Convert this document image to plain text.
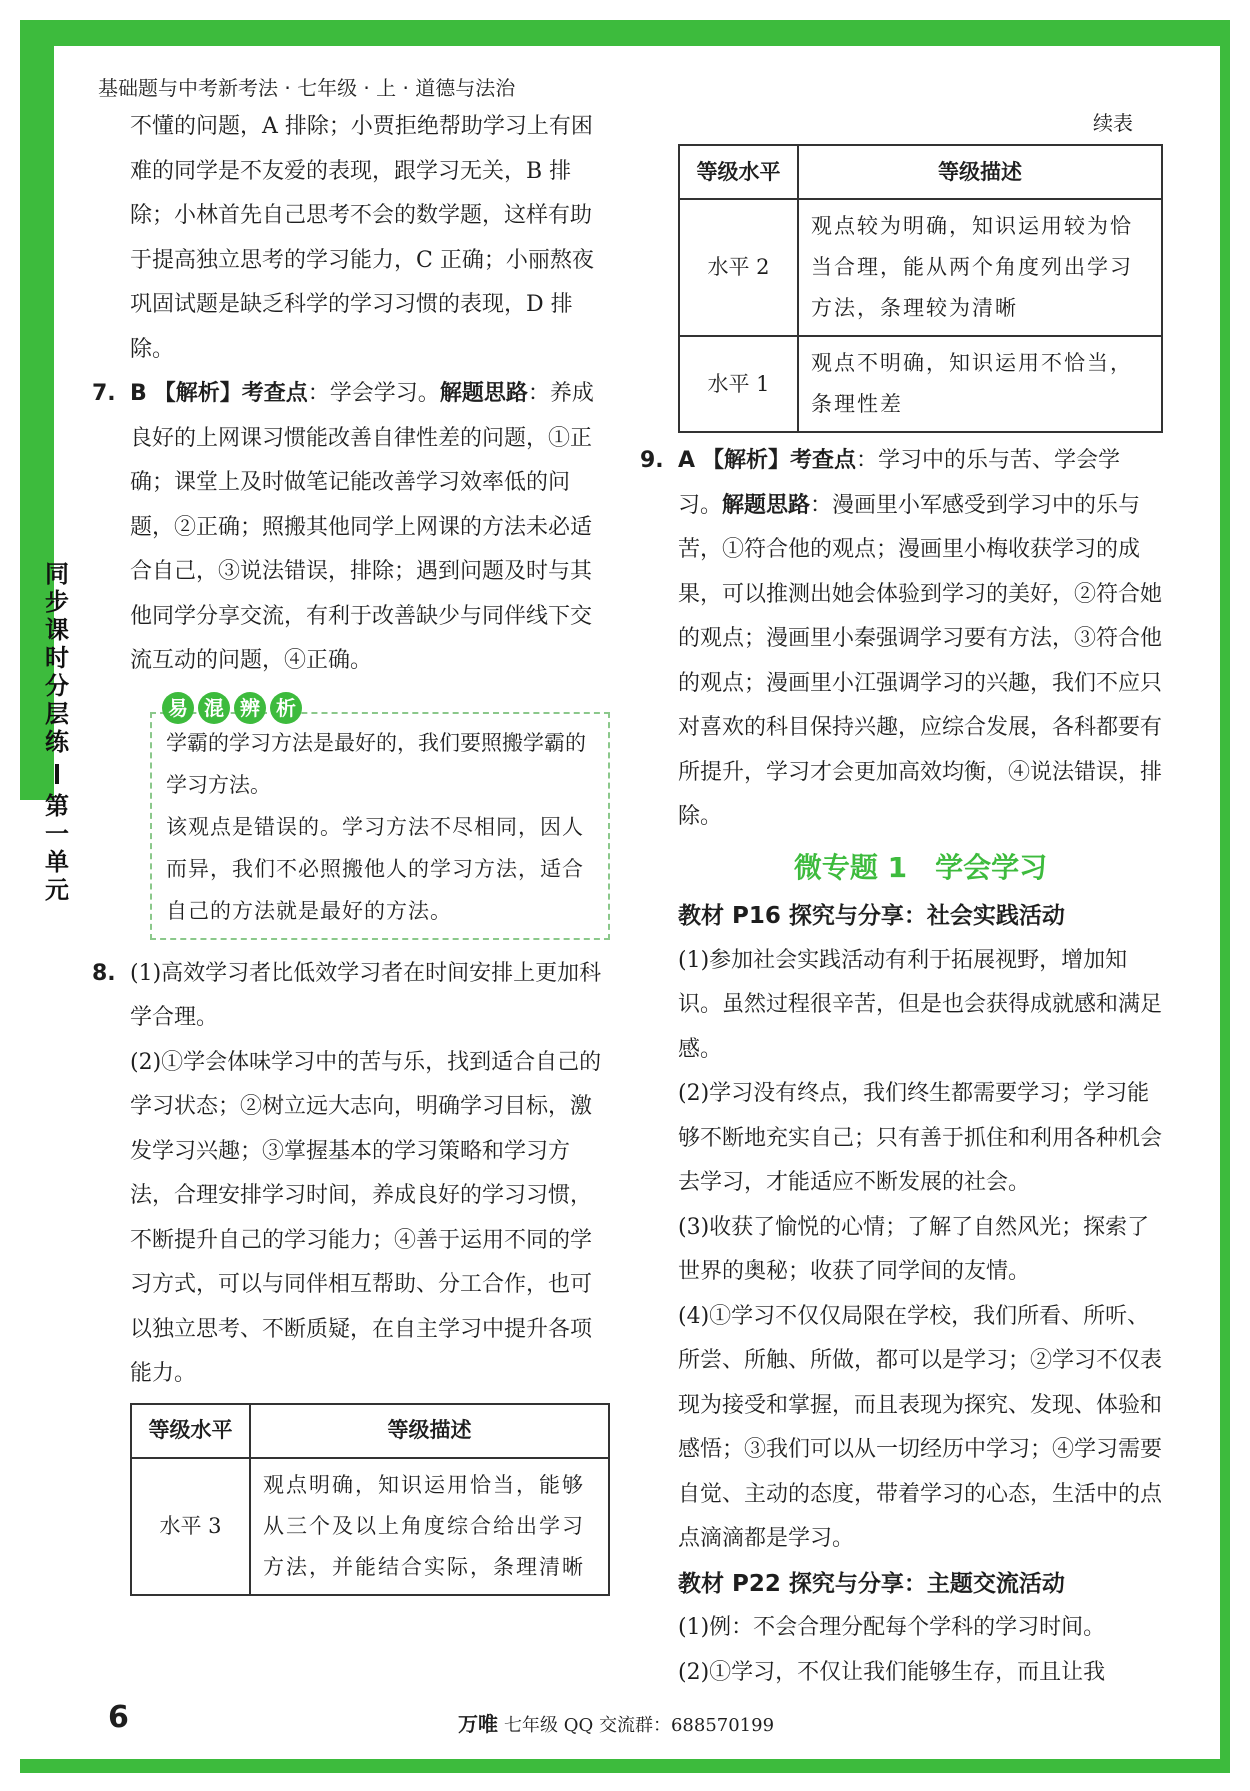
基础题与中考新考法 · 七年级 · 上 · 道德与法治
同
步
课
时
分
层
练
第
一
单
元

不懂的问题，A 排除；小贾拒绝帮助学习上有困难的同学是不友爱的表现，跟学习无关，B 排除；小林首先自己思考不会的数学题，这样有助于提高独立思考的学习能力，C 正确；小丽熬夜巩固试题是缺乏科学的学习习惯的表现，D 排除。

7. B 【解析】考查点：学会学习。解题思路：养成良好的上网课习惯能改善自律性差的问题，①正确；课堂上及时做笔记能改善学习效率低的问题，②正确；照搬其他同学上网课的方法未必适合自己，③说法错误，排除；遇到问题及时与其他同学分享交流，有利于改善缺少与同伴线下交流互动的问题，④正确。

易 混 辨 析

学霸的学习方法是最好的，我们要照搬学霸的学习方法。

该观点是错误的。学习方法不尽相同，因人而异，我们不必照搬他人的学习方法，适合自己的方法就是最好的方法。

8. (1)高效学习者比低效学习者在时间安排上更加科学合理。

(2)①学会体味学习中的苦与乐，找到适合自己的学习状态；②树立远大志向，明确学习目标，激发学习兴趣；③掌握基本的学习策略和学习方法，合理安排学习时间，养成良好的学习习惯，不断提升自己的学习能力；④善于运用不同的学习方式，可以与同伴相互帮助、分工合作，也可以独立思考、不断质疑，在自主学习中提升各项能力。

等级水平	等级描述
水平 3	观点明确，知识运用恰当，能够从三个及以上角度综合给出学习方法，并能结合实际，条理清晰
续表
等级水平	等级描述
水平 2	观点较为明确，知识运用较为恰当合理，能从两个角度列出学习方法，条理较为清晰
水平 1	观点不明确，知识运用不恰当，条理性差

9. A 【解析】考查点：学习中的乐与苦、学会学习。解题思路：漫画里小军感受到学习中的乐与苦，①符合他的观点；漫画里小梅收获学习的成果，可以推测出她会体验到学习的美好，②符合她的观点；漫画里小秦强调学习要有方法，③符合他的观点；漫画里小江强调学习的兴趣，我们不应只对喜欢的科目保持兴趣，应综合发展，各科都要有所提升，学习才会更加高效均衡，④说法错误，排除。

微专题 1　学会学习

教材 P16 探究与分享：社会实践活动

(1)参加社会实践活动有利于拓展视野，增加知识。虽然过程很辛苦，但是也会获得成就感和满足感。

(2)学习没有终点，我们终生都需要学习；学习能够不断地充实自己；只有善于抓住和利用各种机会去学习，才能适应不断发展的社会。

(3)收获了愉悦的心情；了解了自然风光；探索了世界的奥秘；收获了同学间的友情。

(4)①学习不仅仅局限在学校，我们所看、所听、所尝、所触、所做，都可以是学习；②学习不仅表现为接受和掌握，而且表现为探究、发现、体验和感悟；③我们可以从一切经历中学习；④学习需要自觉、主动的态度，带着学习的心态，生活中的点点滴滴都是学习。

教材 P22 探究与分享：主题交流活动

(1)例：不会合理分配每个学科的学习时间。

(2)①学习，不仅让我们能够生存，而且让我

6	万唯 七年级 QQ 交流群：688570199
